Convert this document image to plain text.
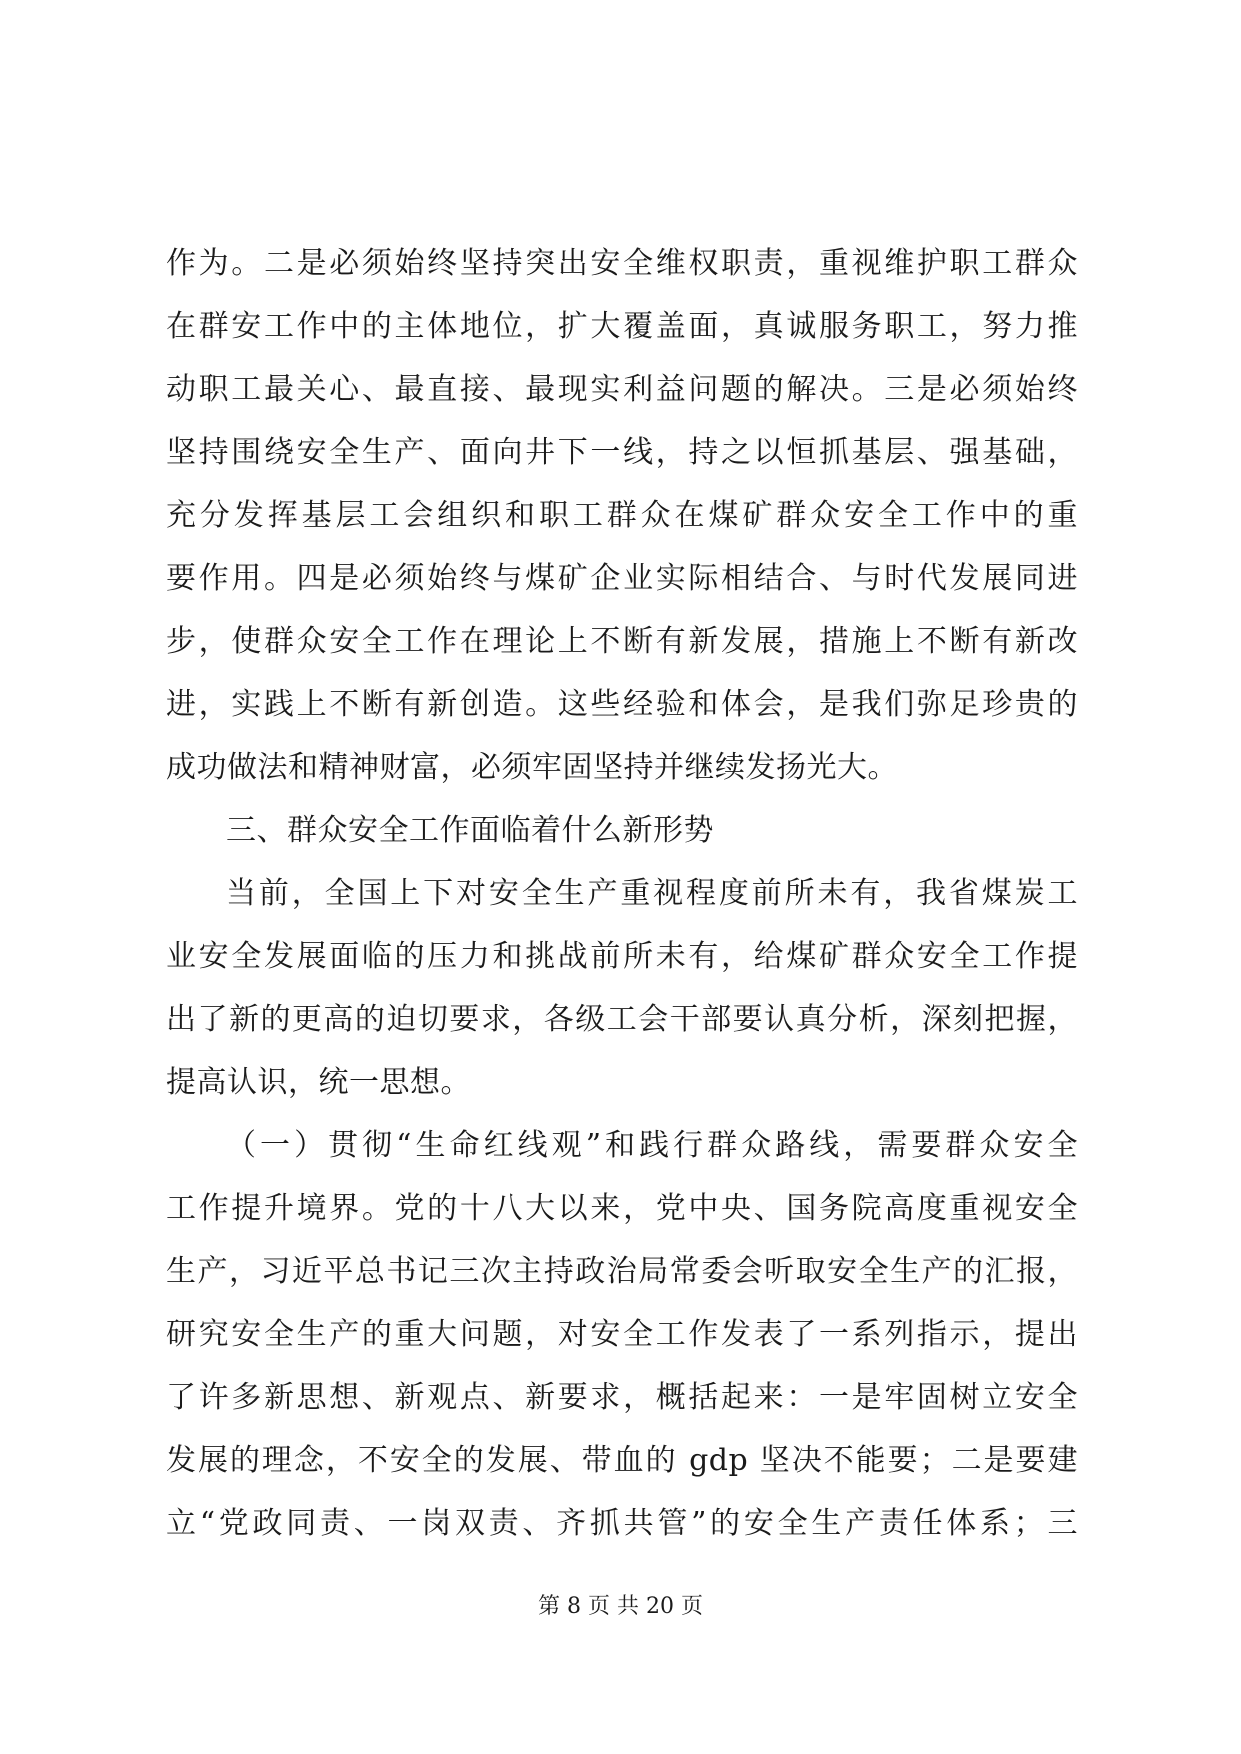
作为。二是必须始终坚持突出安全维权职责，重视维护职工群众
在群安工作中的主体地位，扩大覆盖面，真诚服务职工，努力推
动职工最关心、最直接、最现实利益问题的解决。三是必须始终
坚持围绕安全生产、面向井下一线，持之以恒抓基层、强基础，
充分发挥基层工会组织和职工群众在煤矿群众安全工作中的重
要作用。四是必须始终与煤矿企业实际相结合、与时代发展同进
步，使群众安全工作在理论上不断有新发展，措施上不断有新改
进，实践上不断有新创造。这些经验和体会，是我们弥足珍贵的
成功做法和精神财富，必须牢固坚持并继续发扬光大。
三、群众安全工作面临着什么新形势
当前，全国上下对安全生产重视程度前所未有，我省煤炭工
业安全发展面临的压力和挑战前所未有，给煤矿群众安全工作提
出了新的更高的迫切要求，各级工会干部要认真分析，深刻把握，
提高认识，统一思想。
（一）贯彻“生命红线观”和践行群众路线，需要群众安全
工作提升境界。党的十八大以来，党中央、国务院高度重视安全
生产，习近平总书记三次主持政治局常委会听取安全生产的汇报，
研究安全生产的重大问题，对安全工作发表了一系列指示，提出
了许多新思想、新观点、新要求，概括起来：一是牢固树立安全
发展的理念，不安全的发展、带血的 gdp 坚决不能要；二是要建
立“党政同责、一岗双责、齐抓共管”的安全生产责任体系；三
第 8 页 共 20 页
